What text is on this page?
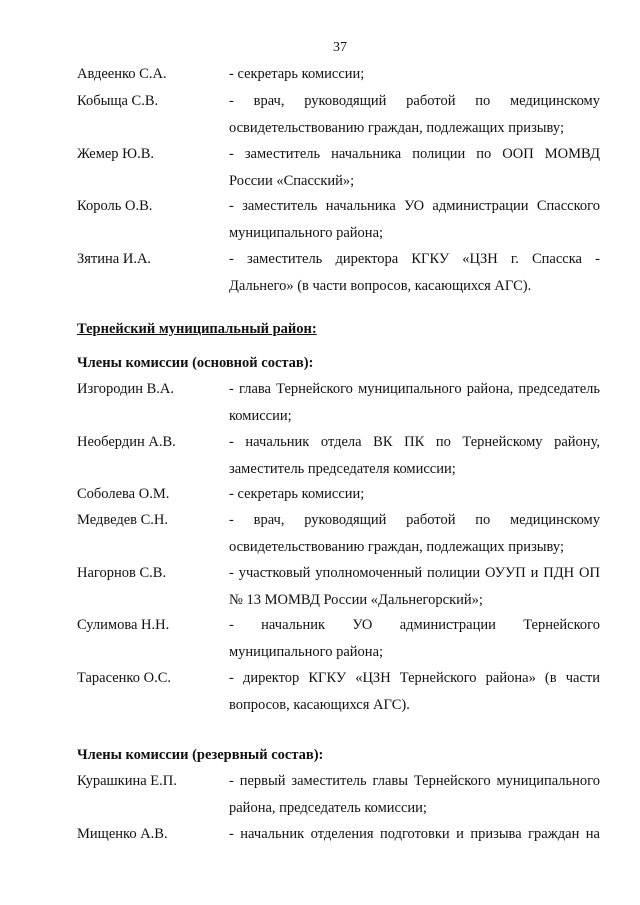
37
Авдеенко С.А.	- секретарь комиссии;
Кобыща С.В.	- врач, руководящий работой по медицинскому освидетельствованию граждан, подлежащих призыву;
Жемер Ю.В.	- заместитель начальника полиции по ООП МОМВД России «Спасский»;
Король О.В.	- заместитель начальника УО администрации Спасского муниципального района;
Зятина И.А.	- заместитель директора КГКУ «ЦЗН г. Спасска - Дальнего» (в части вопросов, касающихся АГС).
Тернейский муниципальный район:
Члены комиссии (основной состав):
Изгородин В.А.	- глава Тернейского муниципального района, председатель комиссии;
Необердин А.В.	- начальник отдела ВК ПК по Тернейскому району, заместитель председателя комиссии;
Соболева О.М.	- секретарь комиссии;
Медведев С.Н.	- врач, руководящий работой по медицинскому освидетельствованию граждан, подлежащих призыву;
Нагорнов С.В.	- участковый уполномоченный полиции ОУУП и ПДН ОП № 13 МОМВД России «Дальнегорский»;
Сулимова Н.Н.	- начальник УО администрации Тернейского муниципального района;
Тарасенко О.С.	- директор КГКУ «ЦЗН Тернейского района» (в части вопросов, касающихся АГС).
Члены комиссии (резервный состав):
Курашкина Е.П.	- первый заместитель главы Тернейского муниципального района, председатель комиссии;
Мищенко А.В.	- начальник отделения подготовки и призыва граждан на
